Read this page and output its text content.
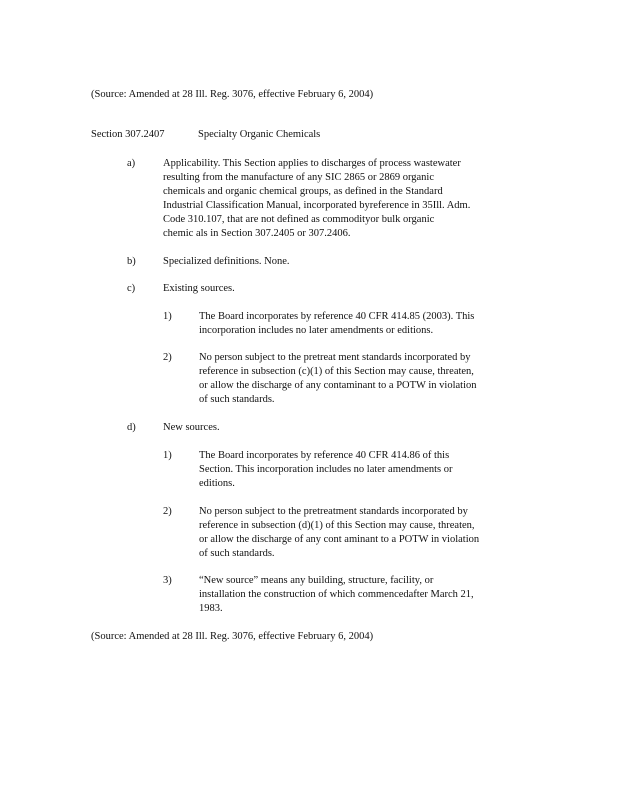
(Source: Amended at 28 Ill. Reg. 3076, effective February 6, 2004)
Section 307.2407	Specialty Organic Chemicals
a)	Applicability. This Section applies to discharges of process wastewater
resulting from the manufacture of any SIC 2865 or 2869 organic
chemicals and organic chemical groups, as defined in the Standard
Industrial Classification Manual, incorporated byreference in 35Ill. Adm.
Code 310.107, that are not defined as commodityor bulk organic
chemic als in Section 307.2405 or 307.2406.
b)	Specialized definitions. None.
c)	Existing sources.
1)	The Board incorporates by reference 40 CFR 414.85 (2003). This
incorporation includes no later amendments or editions.
2)	No person subject to the pretreat ment standards incorporated by
reference in subsection (c)(1) of this Section may cause, threaten,
or allow the discharge of any contaminant to a POTW in violation
of such standards.
d)	New sources.
1)	The Board incorporates by reference 40 CFR 414.86 of this
Section. This incorporation includes no later amendments or
editions.
2)	No person subject to the pretreatment standards incorporated by
reference in subsection (d)(1) of this Section may cause, threaten,
or allow the discharge of any cont aminant to a POTW in violation
of such standards.
3)	“New source” means any building, structure, facility, or
installation the construction of which commencedafter March 21,
1983.
(Source: Amended at 28 Ill. Reg. 3076, effective February 6, 2004)
